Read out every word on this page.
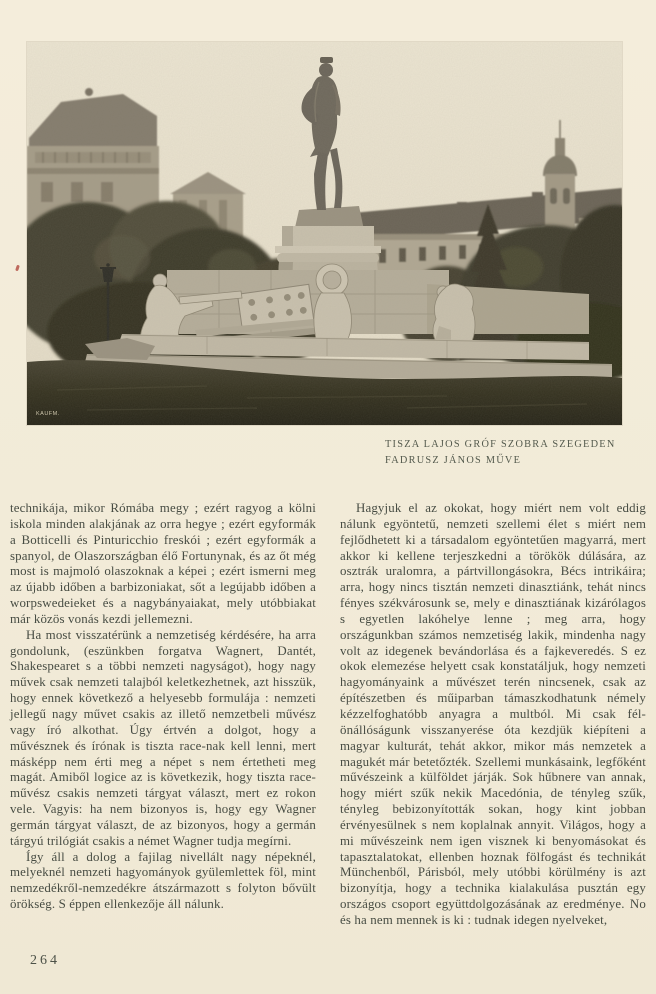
TISZA LAJOS GRÓF SZOBRA SZEGEDEN
FADRUSZ JÁNOS MŰVE

technikája, mikor Rómába megy ; ezért ragyog a kölni iskola minden alakjának az orra hegye ; ezért egyformák a Botticelli és Pinturicchio freskói ; ezért egyformák a spanyol, de Olaszországban élő Fortunynak, és az őt még most is majmoló olaszoknak a képei ; ezért ismerni meg az újabb időben a barbizoniakat, sőt a legújabb időben a worpswedeieket és a nagybányaiakat, mely utóbbiakat már közös vonás kezdi jellemezni.

Ha most visszatérünk a nemzetiség kérdésére, ha arra gondolunk, (eszünkben forgatva Wagnert, Dantét, Shakespearet s a többi nemzeti nagyságot), hogy nagy művek csak nemzeti talajból keletkezhetnek, azt hisszük, hogy ennek következő a helyesebb formulája : nemzeti jellegű nagy művet csakis az illető nemzetbeli művész vagy író alkothat. Úgy értvén a dolgot, hogy a művésznek és írónak is tiszta race-nak kell lenni, mert másképp nem érti meg a népet s nem értetheti meg magát. Amiből logice az is következik, hogy tiszta race-művész csakis nemzeti tárgyat választ, mert ez rokon vele. Vagyis: ha nem bizonyos is, hogy egy Wagner germán tárgyat választ, de az bizonyos, hogy a germán tárgyú trilógiát csakis a német Wagner tudja megírni.

Így áll a dolog a fajilag nivellált nagy népeknél, melyeknél nemzeti hagyományok gyülemlettek föl, mint nemzedékről-nemzedékre átszármazott s folyton bővült örökség. S éppen ellenkezője áll nálunk.

Hagyjuk el az okokat, hogy miért nem volt eddig nálunk egyöntetű, nemzeti szellemi élet s miért nem fejlődhetett ki a társadalom egyöntetűen magyarrá, mert akkor ki kellene terjeszkedni a törökök dúlására, az osztrák uralomra, a pártvillongásokra, Bécs intrikáira; arra, hogy nincs tisztán nemzeti dinasztiánk, tehát nincs fényes székvárosunk se, mely e dinasztiának kizárólagos s egyetlen lakóhelye lenne ; meg arra, hogy országunkban számos nemzetiség lakik, mindenha nagy volt az idegenek bevándorlása és a fajkeveredés. S ez okok elemezése helyett csak konstatáljuk, hogy nemzeti hagyományaink a művészet terén nincsenek, csak az építészetben és műiparban támaszkodhatunk némely kézzelfoghatóbb anyagra a multból. Mi csak fél-önállóságunk visszanyerése óta kezdjük kiépíteni a magyar kulturát, tehát akkor, mikor más nemzetek a magukét már betetőzték. Szellemi munkásaink, legfőként művészeink a külföldet járják. Sok hűbnere van annak, hogy miért szűk nekik Macedónia, de tényleg szűk, tényleg bebizonyították sokan, hogy kint jobban érvényesülnek s nem koplalnak annyit. Világos, hogy a mi művészeink nem igen visznek ki benyomásokat és tapasztalatokat, ellenben hoznak fölfogást és technikát Münchenből, Párisból, mely utóbbi körülmény is azt bizonyítja, hogy a technika kialakulása pusztán egy országos csoport együttdolgozásának az eredménye. No és ha nem mennek is ki : tudnak idegen nyelveket,

264
